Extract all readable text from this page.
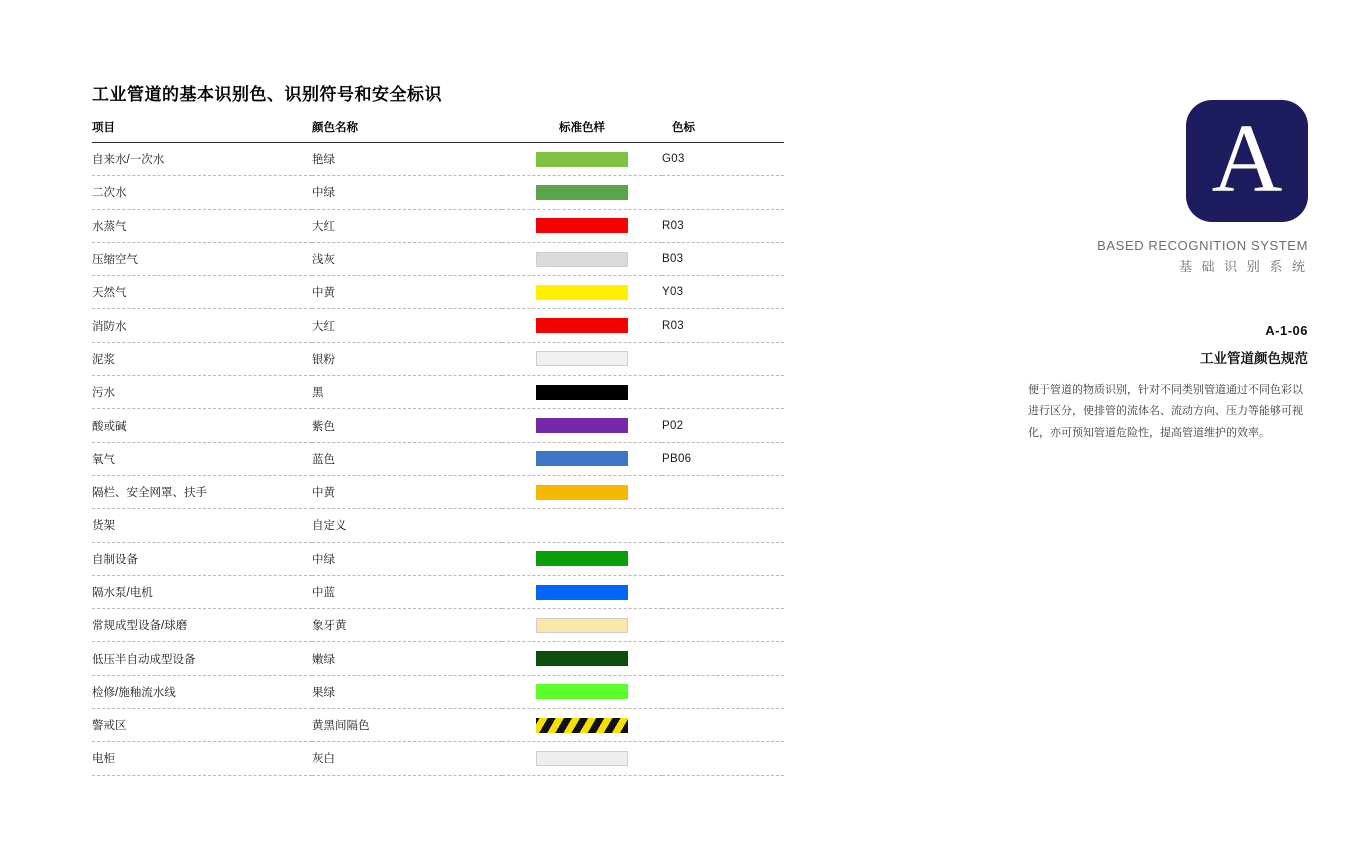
工业管道的基本识别色、识别符号和安全标识
项目	颜色名称	标准色样	色标
自来水/一次水	艳绿		G03
二次水	中绿		
水蒸气	大红		R03
压缩空气	浅灰		B03
天然气	中黄		Y03
消防水	大红		R03
泥浆	银粉		
污水	黑		
酸或碱	紫色		P02
氧气	蓝色		PB06
隔栏、安全网罩、扶手	中黄		
货架	自定义		
自制设备	中绿		
隔水泵/电机	中蓝		
常规成型设备/球磨	象牙黄		
低压半自动成型设备	嫩绿		
检修/施釉流水线	果绿		
警戒区	黄黑间隔色		
电柜	灰白		
A
BASED RECOGNITION SYSTEM
基 础 识 别 系 统
A-1-06
工业管道颜色规范
便于管道的物质识别，针对不同类别管道通过不同色彩以进行区分，使排管的流体名、流动方向、压力等能够可视化，亦可预知管道危险性，提高管道维护的效率。
